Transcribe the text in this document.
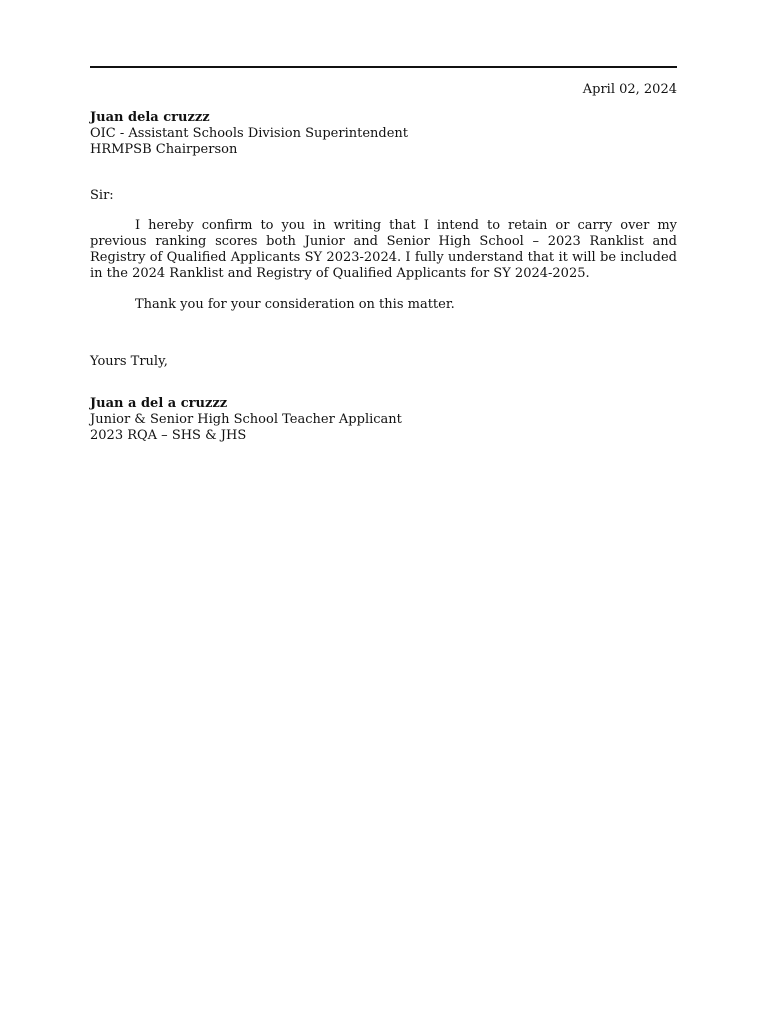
April 02, 2024
Juan dela cruzzz
OIC - Assistant Schools Division Superintendent
HRMPSB Chairperson
Sir:

I hereby confirm to you in writing that I intend to retain or carry over my previous ranking scores both Junior and Senior High School – 2023 Ranklist and Registry of Qualified Applicants SY 2023-2024. I fully understand that it will be included in the 2024 Ranklist and Registry of Qualified Applicants for SY 2024-2025.

Thank you for your consideration on this matter.

Yours Truly,
Juan a del a cruzzz
Junior & Senior High School Teacher Applicant
2023 RQA – SHS & JHS
